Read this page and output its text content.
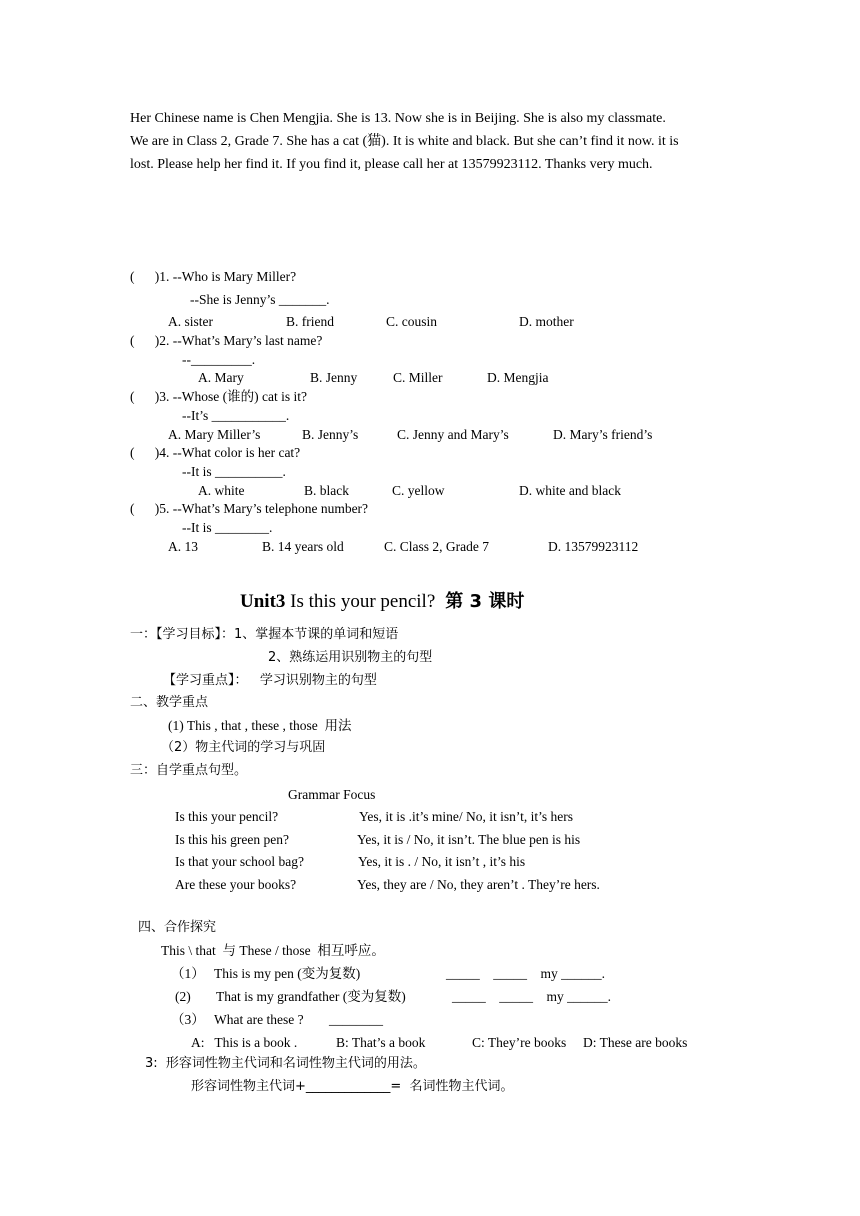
Her Chinese name is Chen Mengjia. She is 13. Now she is in Beijing. She is also my classmate.
We are in Class 2, Grade 7. She has a cat (猫). It is white and black. But she can’t find it now. it is
lost. Please help her find it. If you find it, please call her at 13579923112. Thanks very much.
(      )1. --Who is Mary Miller?
--She is Jenny’s _______.
A. sister	B. friend	C. cousin	D. mother
(      )2. --What’s Mary’s last name?
--_________.
A. Mary	B. Jenny	C. Miller	D. Mengjia
(      )3. --Whose (谁的) cat is it?
--It’s ___________.
A. Mary Miller’s	B. Jenny’s	C. Jenny and Mary’s	D. Mary’s friend’s
(      )4. --What color is her cat?
--It is __________.
A. white	B. black	C. yellow	D. white and black
(      )5. --What’s Mary’s telephone number?
--It is ________.
A. 13	B. 14 years old	C. Class 2, Grade 7	D. 13579923112
Unit3 Is this your pencil? 第 3 课时
一：【学习目标】：1、掌握本节课的单词和短语
2、熟练运用识别物主的句型
【学习重点】：   学习识别物主的句型
二、教学重点
(1) This , that , these , those  用法
（2）物主代词的学习与巩固
三：自学重点句型。
Grammar Focus
Is this your pencil?	Yes, it is .it’s mine/ No, it isn’t, it’s hers
Is this his green pen?	Yes, it is / No, it isn’t. The blue pen is his
Is that your school bag?	Yes, it is . / No, it isn’t , it’s his
Are these your books?	Yes, they are / No, they aren’t . They’re hers.
四、合作探究
This \ that  与 These / those  相互呼应。
（1） This is my pen (变为复数)	_____    _____    my ______.
(2) That is my grandfather (变为复数)	_____    _____    my ______.
（3） What are these ? ________
A:   This is a book .	B: That’s a book	C: They’re books D: These are books
3:  形容词性物主代词和名词性物主代词的用法。
形容词性物主代词+_____________=  名词性物主代词。
